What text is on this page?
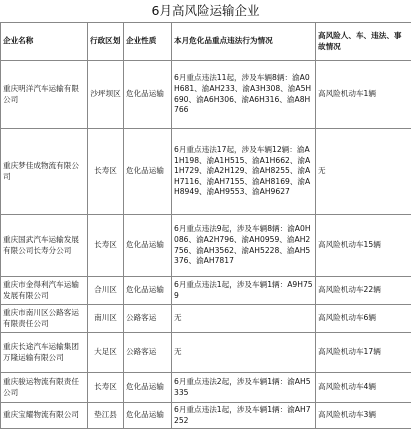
6月高风险运输企业
企业名称	行政区划	企业性质	本月危化品重点违法行为情况	高风险人、车、违法、事故情况
重庆明洋汽车运输有限公司	沙坪坝区	危化品运输	6月重点违法11起，涉及车辆8辆：渝A0H681、渝AH233、渝A3H308、渝A5H690、渝A6H306、渝A6H316、渝A8H766	高风险机动车1辆
重庆梦佳成物流有限公司	长寿区	危化品运输	6月重点违法17起，涉及车辆12辆：渝A1H198、渝A1H515、渝A1H662、渝A1H729、渝A2H129、渝AH8255、渝AH7116、渝AH7155、渝AH8169、渝AH8949、渝AH9553、渝AH9627	无
重庆国武汽车运输发展有限公司长寿分公司	长寿区	危化品运输	6月重点违法9起，涉及车辆8辆：渝A0H086、渝A2H796、渝AH0959、渝AH2756、渝AH3562、渝AH5228、渝AH5376、渝AH7817	高风险机动车15辆
重庆市金得利汽车运输发展有限公司	合川区	危化品运输	6月重点违法1起，涉及车辆1辆：A9H759	高风险机动车22辆
重庆市南川区公路客运有限责任公司	南川区	公路客运	无	高风险机动车6辆
重庆长途汽车运输集团万隆运输有限公司	大足区	公路客运	无	高风险机动车17辆
重庆骏运物流有限责任公司	长寿区	危化品运输	6月重点违法2起，涉及车辆1辆：渝AH5335	高风险机动车4辆
重庆宝耀物流有限公司	垫江县	危化品运输	6月重点违法1起，涉及车辆1辆：渝AH7252	高风险机动车3辆
